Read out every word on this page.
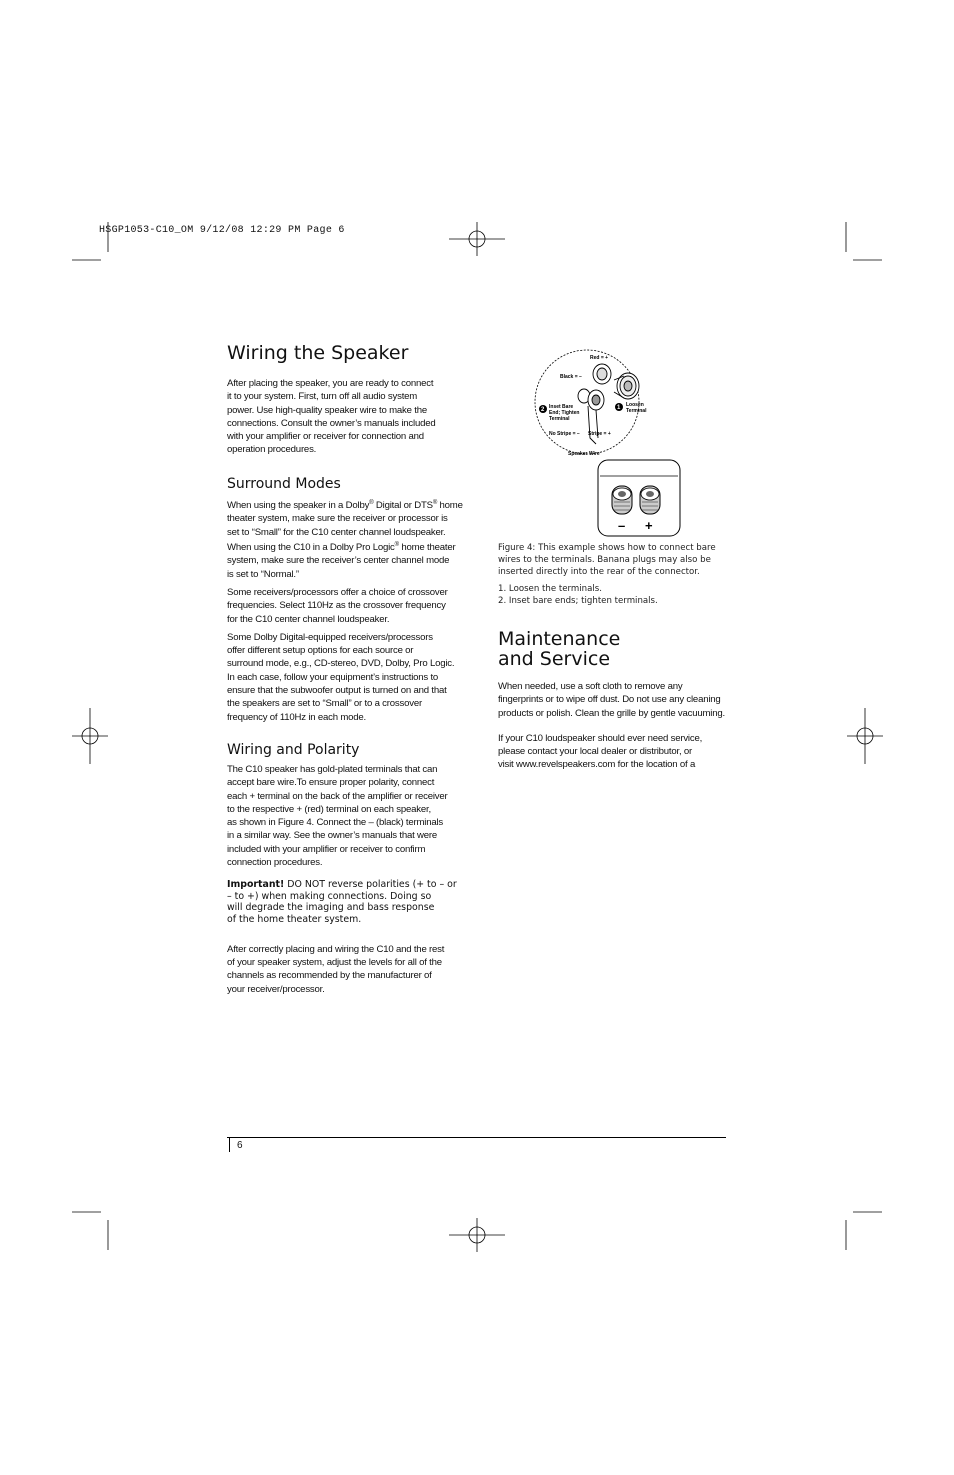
HSGP1053-C10_OM 9/12/08 12:29 PM Page 6
Wiring the Speaker
After placing the speaker, you are ready to connect
it to your system. First, turn off all audio system
power. Use high-quality speaker wire to make the
connections. Consult the owner’s manuals included
with your amplifier or receiver for connection and
operation procedures.
Surround Modes
When using the speaker in a Dolby® Digital or DTS® home
theater system, make sure the receiver or processor is
set to “Small” for the C10 center channel loudspeaker.
When using the C10 in a Dolby Pro Logic® home theater
system, make sure the receiver’s center channel mode
is set to “Normal.”
Some receivers/processors offer a choice of crossover
frequencies. Select 110Hz as the crossover frequency
for the C10 center channel loudspeaker.
Some Dolby Digital-equipped receivers/processors
offer different setup options for each source or
surround mode, e.g., CD-stereo, DVD, Dolby, Pro Logic.
In each case, follow your equipment’s instructions to
ensure that the subwoofer output is turned on and that
the speakers are set to “Small” or to a crossover
frequency of 110Hz in each mode.
Wiring and Polarity
The C10 speaker has gold-plated terminals that can
accept bare wire.To ensure proper polarity, connect
each + terminal on the back of the amplifier or receiver
to the respective + (red) terminal on each speaker,
as shown in Figure 4. Connect the – (black) terminals
in a similar way. See the owner’s manuals that were
included with your amplifier or receiver to confirm
connection procedures.
Important! DO NOT reverse polarities (+ to – or
– to +) when making connections. Doing so
will degrade the imaging and bass response
of the home theater system.
After correctly placing and wiring the C10 and the rest
of your speaker system, adjust the levels for all of the
channels as recommended by the manufacturer of
your receiver/processor.
Red = +
Black = –
2 Inset Bare
End; Tighten
Terminal
1 Loosen
Terminal
No Stripe = – Stripe = +
Speaker Wire
– +
Figure 4: This example shows how to connect bare
wires to the terminals. Banana plugs may also be
inserted directly into the rear of the connector.
1. Loosen the terminals.
2. Inset bare ends; tighten terminals.
Maintenance
and Service
When needed, use a soft cloth to remove any
fingerprints or to wipe off dust. Do not use any cleaning
products or polish. Clean the grille by gentle vacuuming.
If your C10 loudspeaker should ever need service,
please contact your local dealer or distributor, or
visit www.revelspeakers.com for the location of a
6
